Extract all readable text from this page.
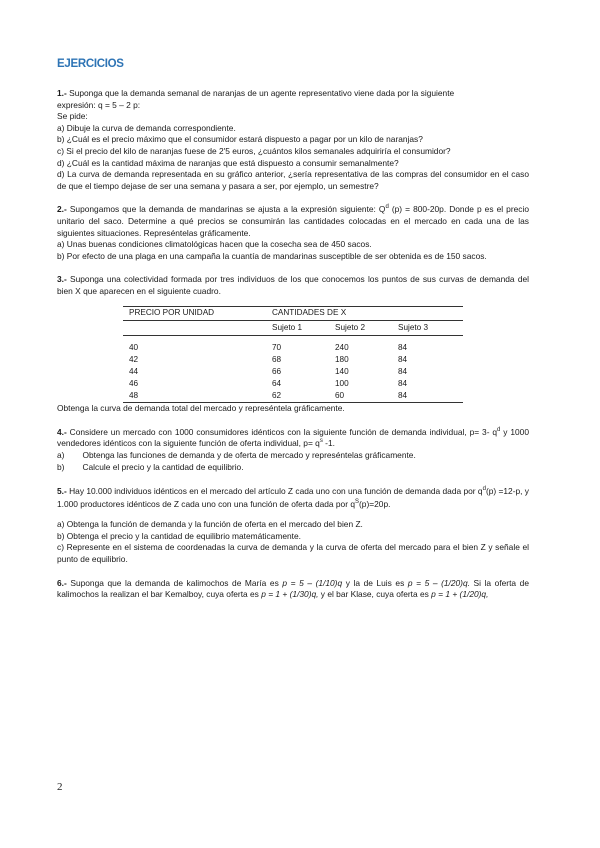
EJERCICIOS

1.- Suponga que la demanda semanal de naranjas de un agente representativo viene dada por la siguiente

expresión: q = 5 – 2 p:

Se pide:

a) Dibuje la curva de demanda correspondiente.

b) ¿Cuál es el precio máximo que el consumidor estará dispuesto a pagar por un kilo de naranjas?

c) Si el precio del kilo de naranjas fuese de 2'5 euros, ¿cuántos kilos semanales adquiriría el consumidor?

d) ¿Cuál es la cantidad máxima de naranjas que está dispuesto a consumir semanalmente?

d) La curva de demanda representada en su gráfico anterior, ¿sería representativa de las compras del consumidor en el caso de que el tiempo dejase de ser una semana y pasara a ser, por ejemplo, un semestre?

2.- Supongamos que la demanda de mandarinas se ajusta a la expresión siguiente: $Q^d$ (p) = 800-20p. Donde p es el precio unitario del saco. Determine a qué precios se consumirán las cantidades colocadas en el mercado en cada una de las siguientes situaciones. Represéntelas gráficamente.

a) Unas buenas condiciones climatológicas hacen que la cosecha sea de 450 sacos.

b) Por efecto de una plaga en una campaña la cuantía de mandarinas susceptible de ser obtenida es de 150 sacos.

3.- Suponga una colectividad formada por tres individuos de los que conocemos los puntos de sus curvas de demanda del bien X que aparecen en el siguiente cuadro.

PRECIO POR UNIDAD	CANTIDADES DE X		
	Sujeto 1	Sujeto 2	Sujeto 3
40	70	240	84
42	68	180	84
44	66	140	84
46	64	100	84
48	62	60	84

Obtenga la curva de demanda total del mercado y represéntela gráficamente.

4.- Considere un mercado con 1000 consumidores idénticos con la siguiente función de demanda individual, p= 3- $q^d$ y 1000 vendedores idénticos con la siguiente función de oferta individual, $p= q^s$ -1.

a) Obtenga las funciones de demanda y de oferta de mercado y represéntelas gráficamente.

b) Calcule el precio y la cantidad de equilibrio.

5.- Hay 10.000 individuos idénticos en el mercado del artículo Z cada uno con una función de demanda dada por $q^d(p) =12-p$, y 1.000 productores idénticos de Z cada uno con una función de oferta dada por $q^S(p)=20p$.

a) Obtenga la función de demanda y la función de oferta en el mercado del bien Z.

b) Obtenga el precio y la cantidad de equilibrio matemáticamente.

c) Represente en el sistema de coordenadas la curva de demanda y la curva de oferta del mercado para el bien Z y señale el punto de equilibrio.

6.- Suponga que la demanda de kalimochos de María es p = 5 – (1/10)q y la de Luis es p = 5 – (1/20)q. Si la oferta de kalimochos la realizan el bar Kemalboy, cuya oferta es p = 1 + (1/30)q, y el bar Klase, cuya oferta es p = 1 + (1/20)q,

2
